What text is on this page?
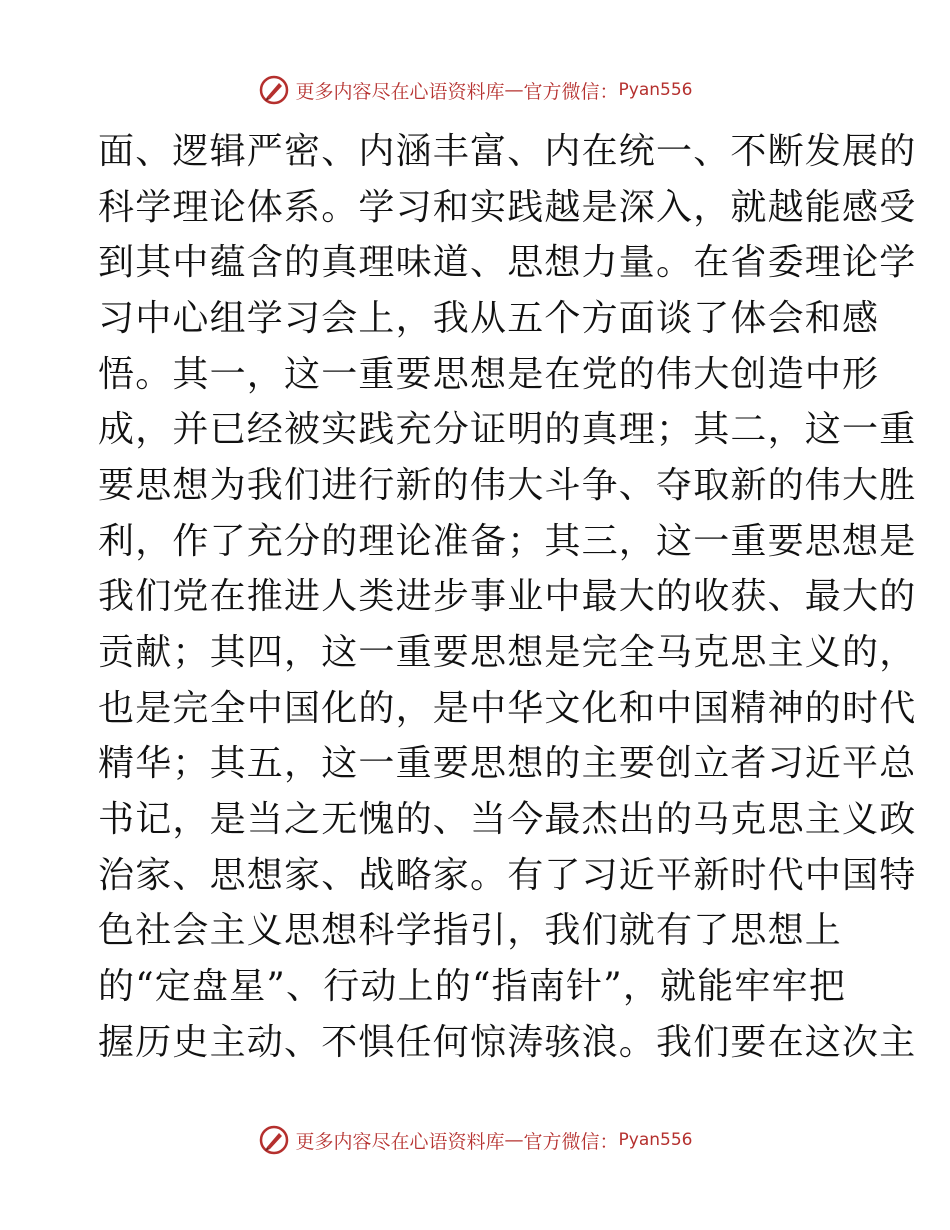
更多内容尽在心语资料库 — 官方微信： Pyan556
面、逻辑严密、内涵丰富、内在统一、不断发展的
科学理论体系。学习和实践越是深入，就越能感受
到其中蕴含的真理味道、思想力量。在省委理论学
习中心组学习会上，我从五个方面谈了体会和感
悟。其一，这一重要思想是在党的伟大创造中形
成，并已经被实践充分证明的真理；其二，这一重
要思想为我们进行新的伟大斗争、夺取新的伟大胜
利，作了充分的理论准备；其三，这一重要思想是
我们党在推进人类进步事业中最大的收获、最大的
贡献；其四，这一重要思想是完全马克思主义的，
也是完全中国化的，是中华文化和中国精神的时代
精华；其五，这一重要思想的主要创立者习近平总
书记，是当之无愧的、当今最杰出的马克思主义政
治家、思想家、战略家。有了习近平新时代中国特
色社会主义思想科学指引，我们就有了思想上
的“定盘星”、行动上的“指南针”，就能牢牢把
握历史主动、不惧任何惊涛骇浪。我们要在这次主
更多内容尽在心语资料库 — 官方微信： Pyan556
